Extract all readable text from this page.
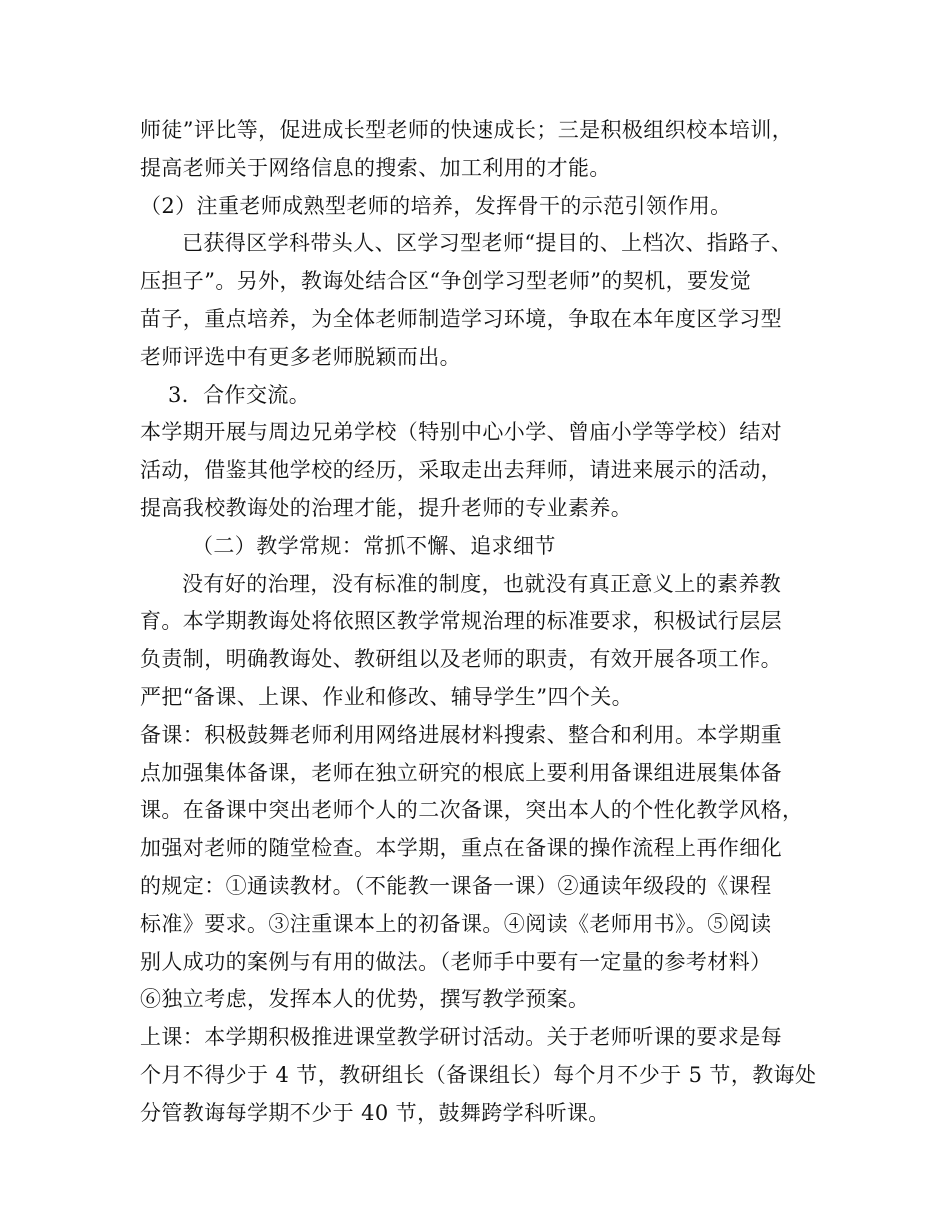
师徒”评比等，促进成长型老师的快速成长；三是积极组织校本培训，
提高老师关于网络信息的搜索、加工利用的才能。
（2）注重老师成熟型老师的培养，发挥骨干的示范引领作用。
已获得区学科带头人、区学习型老师“提目的、上档次、指路子、
压担子”。另外，教诲处结合区“争创学习型老师”的契机，要发觉
苗子，重点培养，为全体老师制造学习环境，争取在本年度区学习型
老师评选中有更多老师脱颖而出。
3．合作交流。
本学期开展与周边兄弟学校（特别中心小学、曾庙小学等学校）结对
活动，借鉴其他学校的经历，采取走出去拜师，请进来展示的活动，
提高我校教诲处的治理才能，提升老师的专业素养。
（二）教学常规：常抓不懈、追求细节
没有好的治理，没有标准的制度，也就没有真正意义上的素养教
育。本学期教诲处将依照区教学常规治理的标准要求，积极试行层层
负责制，明确教诲处、教研组以及老师的职责，有效开展各项工作。
严把“备课、上课、作业和修改、辅导学生”四个关。
备课：积极鼓舞老师利用网络进展材料搜索、整合和利用。本学期重
点加强集体备课，老师在独立研究的根底上要利用备课组进展集体备
课。在备课中突出老师个人的二次备课，突出本人的个性化教学风格，
加强对老师的随堂检查。本学期，重点在备课的操作流程上再作细化
的规定：①通读教材。（不能教一课备一课）②通读年级段的《课程
标准》要求。③注重课本上的初备课。④阅读《老师用书》。⑤阅读
别人成功的案例与有用的做法。（老师手中要有一定量的参考材料）
⑥独立考虑，发挥本人的优势，撰写教学预案。
上课：本学期积极推进课堂教学研讨活动。关于老师听课的要求是每
个月不得少于 4 节，教研组长（备课组长）每个月不少于 5 节，教诲处
分管教诲每学期不少于 40 节，鼓舞跨学科听课。
